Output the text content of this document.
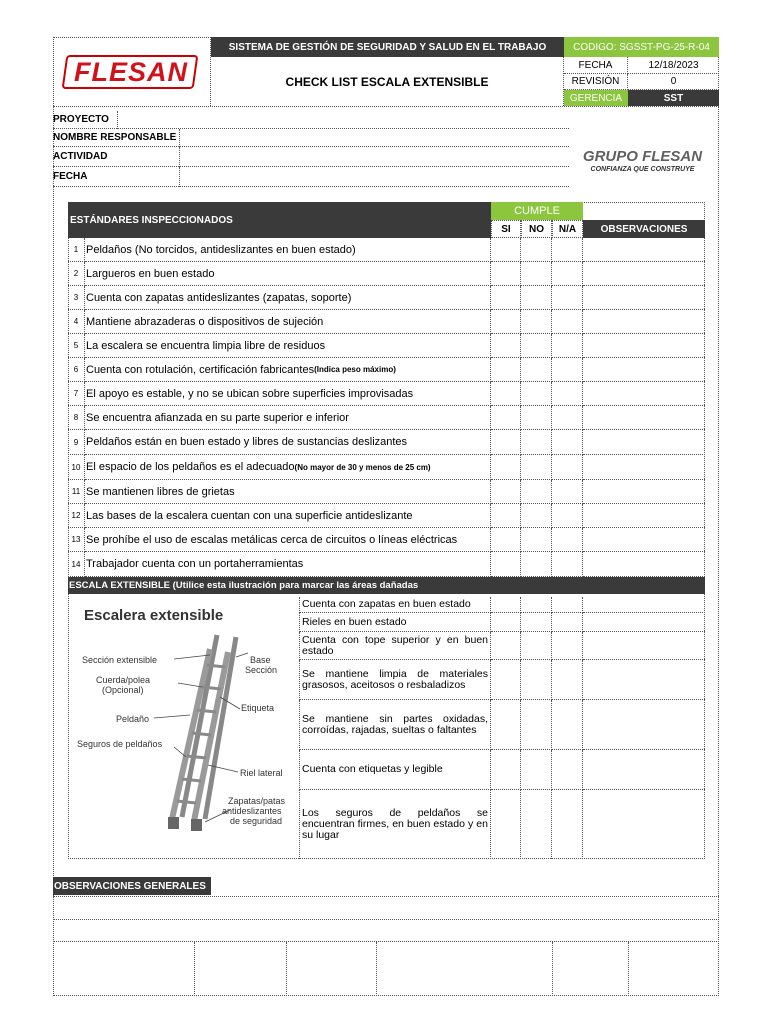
FLESAN
SISTEMA DE GESTIÓN DE SEGURIDAD Y SALUD EN EL TRABAJO
CHECK LIST ESCALA EXTENSIBLE
CODIGO: SGSST-PG-25-R-04
FECHA	12/18/2023
REVISIÓN	0
GERENCIA	SST
PROYECTO
NOMBRE RESPONSABLE
ACTIVIDAD
FECHA
GRUPO FLESAN
CONFIANZA QUE CONSTRUYE
ESTÁNDARES INSPECCIONADOS
CUMPLE
SI	NO	N/A	OBSERVACIONES
1 Peldaños (No torcidos, antideslizantes en buen estado)
2 Largueros en buen estado
3 Cuenta con zapatas antideslizantes (zapatas, soporte)
4 Mantiene abrazaderas o dispositivos de sujeción
5 La escalera se encuentra limpia libre de residuos
6 Cuenta con rotulación, certificación fabricantes (Indica peso máximo)
7 El apoyo es estable, y no se ubican sobre superficies improvisadas
8 Se encuentra afianzada en su parte superior e inferior
9 Peldaños están en buen estado y libres de sustancias deslizantes
10 El espacio de los peldaños es el adecuado (No mayor de 30 y menos de 25 cm)
11 Se mantienen libres de grietas
12 Las bases de la escalera cuentan con una superficie antideslizante
13 Se prohíbe el uso de escalas metálicas cerca de circuitos o líneas eléctricas
14 Trabajador cuenta con un portaherramientas
ESCALA EXTENSIBLE (Utilice esta ilustración para marcar las áreas dañadas
Escalera extensible
Sección extensible
Cuerda/polea
(Opcional)
Peldaño
Seguros de peldaños
Base
Sección
Etiqueta
Riel lateral
Zapatas/patas
antideslizantes
de seguridad
Cuenta con zapatas en buen estado
Rieles en buen estado
Cuenta con tope superior y en buen estado
Se mantiene limpia de materiales grasosos, aceitosos o resbaladizos
Se mantiene sin partes oxidadas, corroídas, rajadas, sueltas o faltantes
Cuenta con etiquetas y legible
Los seguros de peldaños se encuentran firmes, en buen estado y en su lugar
OBSERVACIONES GENERALES
